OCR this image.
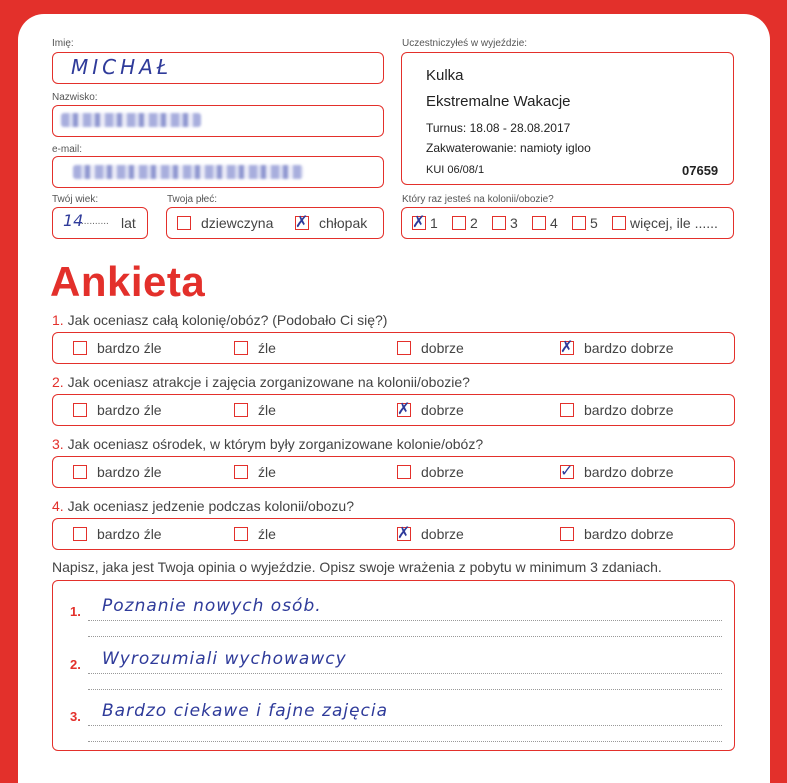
Imię:
MICHAŁ
Nazwisko:
e-mail:
Twój wiek:
14
.......... lat
Twoja płeć:
dziewczyna ✗ chłopak
Uczestniczyłeś w wyjeździe:
Kulka
Ekstremalne Wakacje
Turnus: 18.08 - 28.08.2017
Zakwaterowanie: namioty igloo
KUI 06/08/1	07659
Który raz jesteś na kolonii/obozie?
✗ 1 2 3 4 5 więcej, ile ......
Ankieta
1. Jak oceniasz całą kolonię/obóz? (Podobało Ci się?)
bardzo źle	źle	dobrze	✗ bardzo dobrze
2. Jak oceniasz atrakcje i zajęcia zorganizowane na kolonii/obozie?
bardzo źle	źle	✗ dobrze	bardzo dobrze
3. Jak oceniasz ośrodek, w którym były zorganizowane kolonie/obóz?
bardzo źle	źle	dobrze	✓ bardzo dobrze
4. Jak oceniasz jedzenie podczas kolonii/obozu?
bardzo źle	źle	✗ dobrze	bardzo dobrze
Napisz, jaka jest Twoja opinia o wyjeździe. Opisz swoje wrażenia z pobytu w minimum 3 zdaniach.
1. Poznanie nowych osób.
2. Wyrozumiali wychowawcy
3. Bardzo ciekawe i fajne zajęcia
